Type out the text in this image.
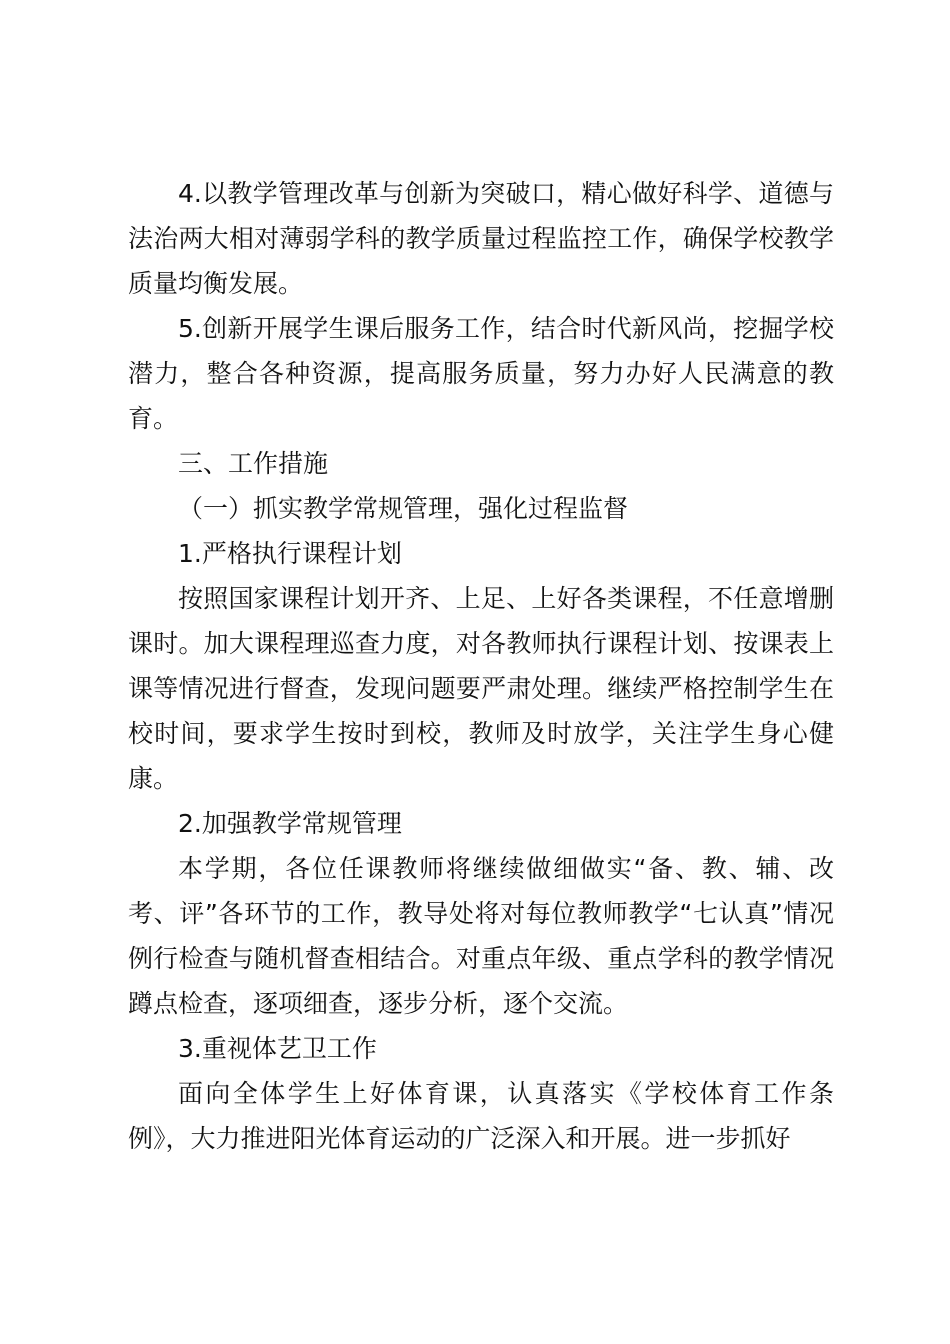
4.以教学管理改革与创新为突破口，精心做好科学、道德与法治两大相对薄弱学科的教学质量过程监控工作，确保学校教学质量均衡发展。

5.创新开展学生课后服务工作，结合时代新风尚，挖掘学校潜力，整合各种资源，提高服务质量，努力办好人民满意的教育。

三、工作措施

（一）抓实教学常规管理，强化过程监督

1.严格执行课程计划

按照国家课程计划开齐、上足、上好各类课程，不任意增删课时。加大课程理巡查力度，对各教师执行课程计划、按课表上课等情况进行督查，发现问题要严肃处理。继续严格控制学生在校时间，要求学生按时到校，教师及时放学，关注学生身心健康。

2.加强教学常规管理

本学期，各位任课教师将继续做细做实“备、教、辅、改考、评”各环节的工作，教导处将对每位教师教学“七认真”情况例行检查与随机督查相结合。对重点年级、重点学科的教学情况蹲点检查，逐项细查，逐步分析，逐个交流。

3.重视体艺卫工作

面向全体学生上好体育课，认真落实《学校体育工作条例》，大力推进阳光体育运动的广泛深入和开展。进一步抓好
